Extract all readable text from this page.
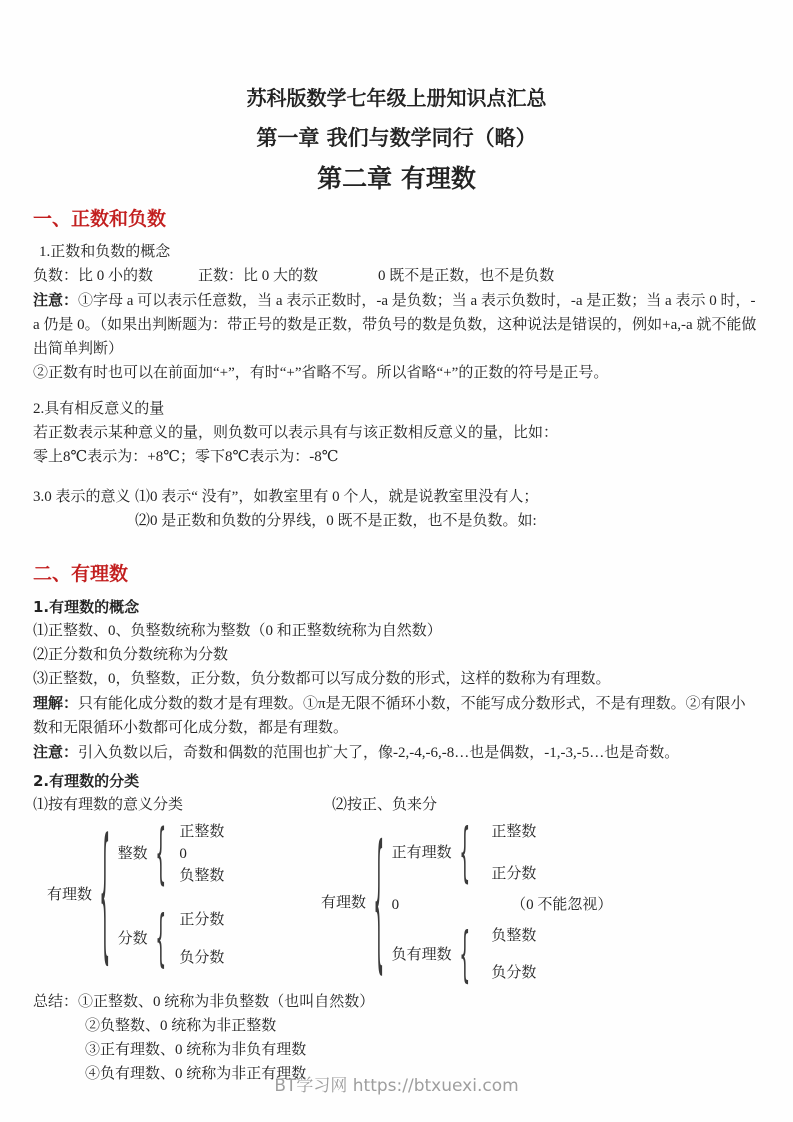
苏科版数学七年级上册知识点汇总
第一章 我们与数学同行（略）
第二章 有理数
一、正数和负数

1.正数和负数的概念

负数：比 0 小的数　　　正数：比 0 大的数　　　　0 既不是正数，也不是负数

注意：①字母 a 可以表示任意数，当 a 表示正数时，-a 是负数；当 a 表示负数时，-a 是正数；当 a 表示 0 时，-a 仍是 0。（如果出判断题为：带正号的数是正数，带负号的数是负数，这种说法是错误的，例如+a,-a 就不能做出简单判断）

②正数有时也可以在前面加“+”，有时“+”省略不写。所以省略“+”的正数的符号是正号。

2.具有相反意义的量

若正数表示某种意义的量，则负数可以表示具有与该正数相反意义的量，比如：

零上8℃表示为：+8℃；零下8℃表示为：-8℃

3.0 表示的意义 ⑴0 表示“ 没有”，如教室里有 0 个人，就是说教室里没有人；

⑵0 是正数和负数的分界线，0 既不是正数，也不是负数。如:

二、有理数

1.有理数的概念

⑴正整数、0、负整数统称为整数（0 和正整数统称为自然数）

⑵正分数和负分数统称为分数

⑶正整数，0，负整数，正分数，负分数都可以写成分数的形式，这样的数称为有理数。

理解：只有能化成分数的数才是有理数。①π是无限不循环小数，不能写成分数形式，不是有理数。②有限小数和无限循环小数都可化成分数，都是有理数。

注意：引入负数以后，奇数和偶数的范围也扩大了，像-2,-4,-6,-8…也是偶数，-1,-3,-5…也是奇数。

2.有理数的分类

⑴按有理数的意义分类	⑵按正、负来分
有理数 { 整数 { 正整数
0
负整数
分数 { 正分数
负分数
有理数 { 正有理数 {	正整数
正分数
0	（0 不能忽视）
负有理数 {	负整数
负分数

总结：①正整数、0 统称为非负整数（也叫自然数）

②负整数、0 统称为非正整数

③正有理数、0 统称为非负有理数

④负有理数、0 统称为非正有理数

BT学习网 https://btxuexi.com
